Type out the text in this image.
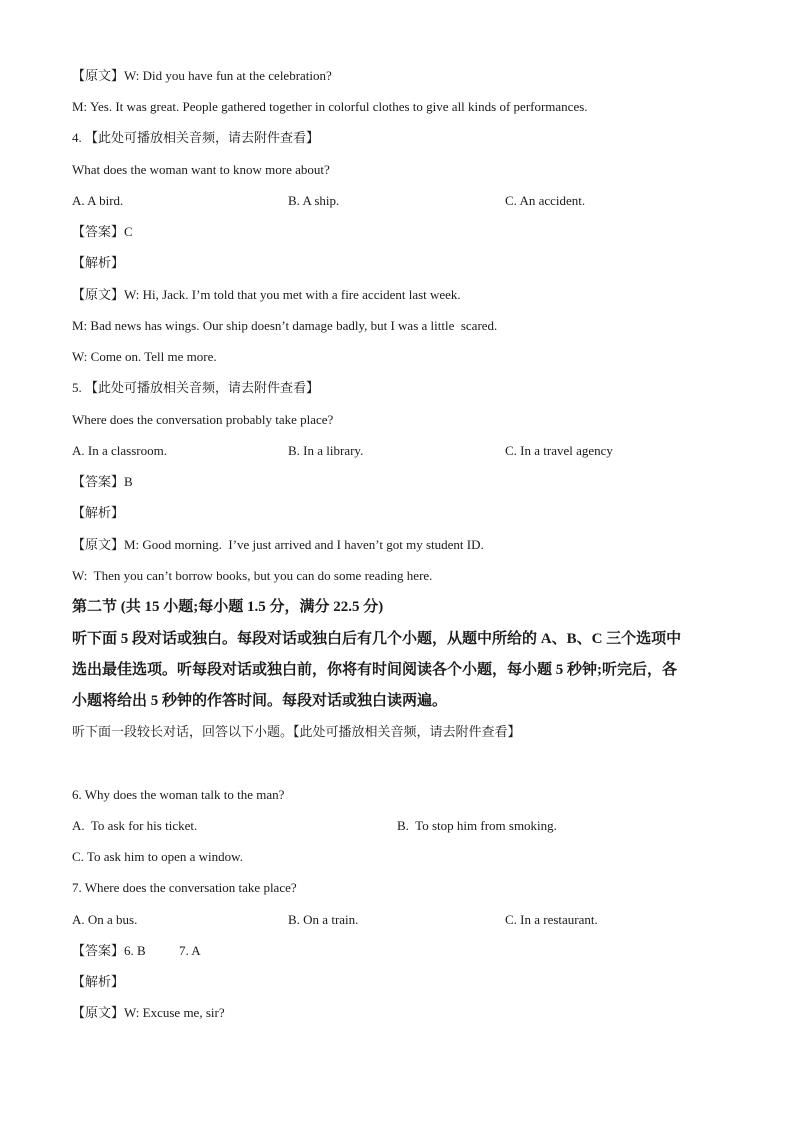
【原文】W: Did you have fun at the celebration?
M: Yes. It was great. People gathered together in colorful clothes to give all kinds of performances.
4. 【此处可播放相关音频，请去附件查看】
What does the woman want to know more about?
A. A bird.	B. A ship.	C. An accident.
【答案】C
【解析】
【原文】W: Hi, Jack. I’m told that you met with a fire accident last week.
M: Bad news has wings. Our ship doesn’t damage badly, but I was a little  scared.
W: Come on. Tell me more.
5. 【此处可播放相关音频，请去附件查看】
Where does the conversation probably take place?
A. In a classroom.	B. In a library.	C. In a travel agency
【答案】B
【解析】
【原文】M: Good morning.  I’ve just arrived and I haven’t got my student ID.
W:  Then you can’t borrow books, but you can do some reading here.
第二节 (共 15 小题;每小题 1.5 分，满分 22.5 分)
听下面 5 段对话或独白。每段对话或独白后有几个小题，从题中所给的 A、B、C 三个选项中
选出最佳选项。听每段对话或独白前，你将有时间阅读各个小题，每小题 5 秒钟;听完后，各
小题将给出 5 秒钟的作答时间。每段对话或独白读两遍。
听下面一段较长对话，回答以下小题。【此处可播放相关音频，请去附件查看】
6. Why does the woman talk to the man?
A.  To ask for his ticket.	B.  To stop him from smoking.
C. To ask him to open a window.
7. Where does the conversation take place?
A. On a bus.	B. On a train.	C. In a restaurant.
【答案】6. B	7. A
【解析】
【原文】W: Excuse me, sir?
